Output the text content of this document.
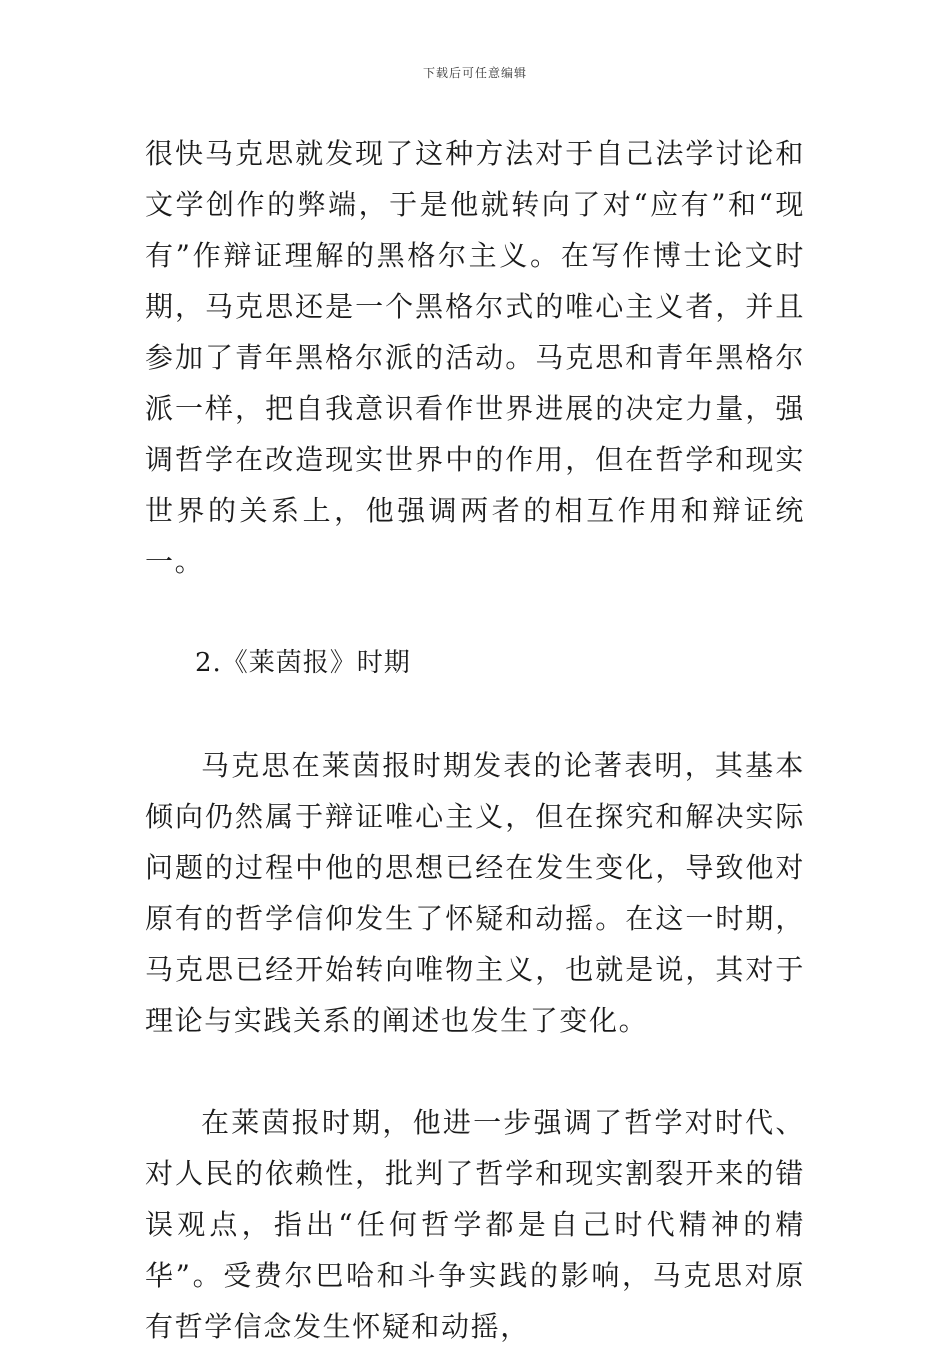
下载后可任意编辑

很快马克思就发现了这种方法对于自己法学讨论和文学创作的弊端，于是他就转向了对“应有”和“现有”作辩证理解的黑格尔主义。在写作博士论文时期，马克思还是一个黑格尔式的唯心主义者，并且参加了青年黑格尔派的活动。马克思和青年黑格尔派一样，把自我意识看作世界进展的决定力量，强调哲学在改造现实世界中的作用，但在哲学和现实世界的关系上，他强调两者的相互作用和辩证统一。

2.《莱茵报》时期

马克思在莱茵报时期发表的论著表明，其基本倾向仍然属于辩证唯心主义，但在探究和解决实际问题的过程中他的思想已经在发生变化，导致他对原有的哲学信仰发生了怀疑和动摇。在这一时期，马克思已经开始转向唯物主义，也就是说，其对于理论与实践关系的阐述也发生了变化。

在莱茵报时期，他进一步强调了哲学对时代、对人民的依赖性，批判了哲学和现实割裂开来的错误观点，指出“任何哲学都是自己时代精神的精华”。受费尔巴哈和斗争实践的影响，马克思对原有哲学信念发生怀疑和动摇，
